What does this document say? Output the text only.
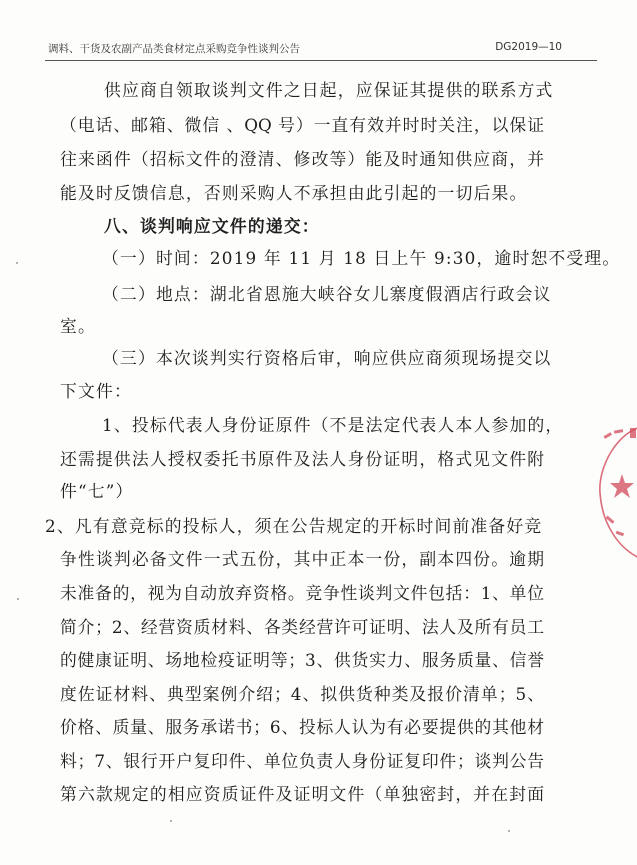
调料、干货及农副产品类食材定点采购竞争性谈判公告	DG2019—10
供应商自领取谈判文件之日起，应保证其提供的联系方式
（电话、邮箱、微信 、QQ 号）一直有效并时时关注，以保证
往来函件（招标文件的澄清、修改等）能及时通知供应商，并
能及时反馈信息，否则采购人不承担由此引起的一切后果。
八、谈判响应文件的递交：
（一）时间：2019 年 11 月 18 日上午 9:30，逾时恕不受理。
（二）地点：湖北省恩施大峡谷女儿寨度假酒店行政会议
室。
（三）本次谈判实行资格后审，响应供应商须现场提交以
下文件：
1、投标代表人身份证原件（不是法定代表人本人参加的，
还需提供法人授权委托书原件及法人身份证明，格式见文件附
件“七”）
2、凡有意竞标的投标人，须在公告规定的开标时间前准备好竞
争性谈判必备文件一式五份，其中正本一份，副本四份。逾期
未准备的，视为自动放弃资格。竞争性谈判文件包括：1、单位
简介；2、经营资质材料、各类经营许可证明、法人及所有员工
的健康证明、场地检疫证明等；3、供货实力、服务质量、信誉
度佐证材料、典型案例介绍；4、拟供货种类及报价清单；5、
价格、质量、服务承诺书；6、投标人认为有必要提供的其他材
料；7、银行开户复印件、单位负责人身份证复印件；谈判公告
第六款规定的相应资质证件及证明文件（单独密封，并在封面
